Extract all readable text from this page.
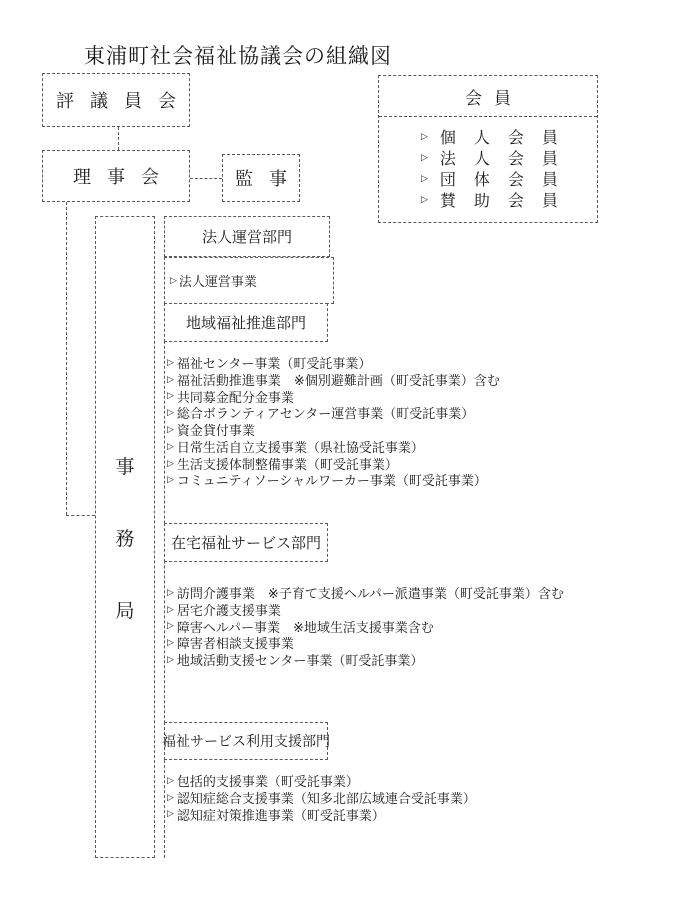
東浦町社会福祉協議会の組織図
評議員会
理事会	監事
会員
▷ 個人会員
▷ 法人会員
▷ 団体会員
▷ 賛助会員
事
務
局
法人運営部門
▷ 法人運営事業
地域福祉推進部門
▷ 福祉センター事業（町受託事業）
▷ 福祉活動推進事業　※個別避難計画（町受託事業）含む
▷ 共同募金配分金事業
▷ 総合ボランティアセンター運営事業（町受託事業）
▷ 資金貸付事業
▷ 日常生活自立支援事業（県社協受託事業）
▷ 生活支援体制整備事業（町受託事業）
▷ コミュニティソーシャルワーカー事業（町受託事業）
在宅福祉サービス部門
▷ 訪問介護事業　※子育て支援ヘルパー派遣事業（町受託事業）含む
▷ 居宅介護支援事業
▷ 障害ヘルパー事業　※地域生活支援事業含む
▷ 障害者相談支援事業
▷ 地域活動支援センター事業（町受託事業）
福祉サービス利用支援部門
▷ 包括的支援事業（町受託事業）
▷ 認知症総合支援事業（知多北部広域連合受託事業）
▷ 認知症対策推進事業（町受託事業）
